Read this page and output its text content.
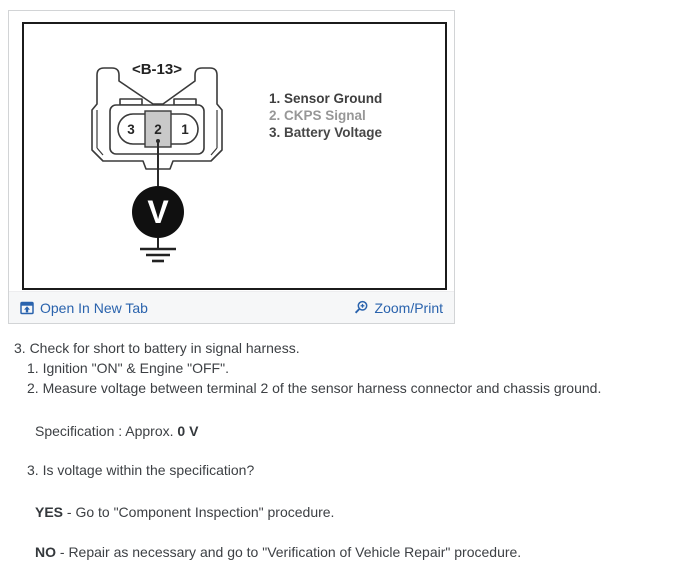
<B-13>
3 2 1
V
1. Sensor Ground
2. CKPS Signal
3. Battery Voltage
Open In New Tab	Zoom/Print
3. Check for short to battery in signal harness.
1. Ignition "ON" & Engine "OFF".
2. Measure voltage between terminal 2 of the sensor harness connector and chassis ground.
Specification : Approx. 0 V
3. Is voltage within the specification?
YES - Go to "Component Inspection" procedure.
NO - Repair as necessary and go to "Verification of Vehicle Repair" procedure.
